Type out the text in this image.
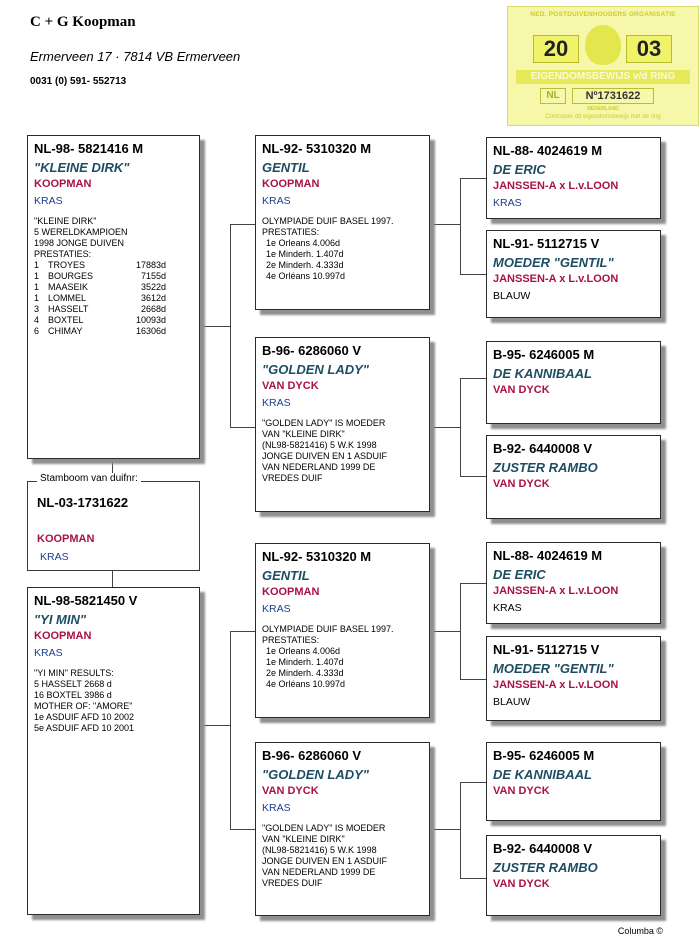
C + G Koopman
Ermerveen 17 · 7814 VB Ermerveen
0031 (0) 591- 552713
NED. POSTDUIVENHOUDERS ORGANISATIE
20	03
EIGENDOMSBEWIJS v/d RING
NL	Nº1731622
NEDERLAND
Controleer dit eigendomsbewijs met de ring
NL-98- 5821416 M
"KLEINE DIRK"
KOOPMAN
KRAS
"KLEINE DIRK"
5 WERELDKAMPIOEN
1998 JONGE DUIVEN
PRESTATIES:
1	TROYES	17883d
1	BOURGES	7155d
1	MAASEIK	3522d
1	LOMMEL	3612d
3	HASSELT	2668d
4	BOXTEL	10093d
6	CHIMAY	16306d
Stamboom van duifnr:
NL-03-1731622
KOOPMAN
KRAS
NL-98-5821450 V
"YI MIN"
KOOPMAN
KRAS
"YI MIN" RESULTS:
5 HASSELT 2668 d
16 BOXTEL 3986 d
MOTHER OF: "AMORE"
1e ASDUIF AFD 10 2002
5e ASDUIF AFD 10 2001
NL-92- 5310320 M
GENTIL
KOOPMAN
KRAS
OLYMPIADE DUIF BASEL 1997.
PRESTATIES:
1e Orleans 4.006d
1e Minderh. 1.407d
2e Minderh. 4.333d
4e Orléans 10.997d
B-96- 6286060 V
"GOLDEN LADY"
VAN DYCK
KRAS
"GOLDEN LADY" IS MOEDER
VAN "KLEINE DIRK"
(NL98-5821416) 5 W.K 1998
JONGE DUIVEN EN 1 ASDUIF
VAN NEDERLAND 1999 DE
VREDES DUIF
NL-92- 5310320 M
GENTIL
KOOPMAN
KRAS
OLYMPIADE DUIF BASEL 1997.
PRESTATIES:
1e Orleans 4.006d
1e Minderh. 1.407d
2e Minderh. 4.333d
4e Orléans 10.997d
B-96- 6286060 V
"GOLDEN LADY"
VAN DYCK
KRAS
"GOLDEN LADY" IS MOEDER
VAN "KLEINE DIRK"
(NL98-5821416) 5 W.K 1998
JONGE DUIVEN EN 1 ASDUIF
VAN NEDERLAND 1999 DE
VREDES DUIF
NL-88- 4024619 M
DE ERIC
JANSSEN-A x L.v.LOON
KRAS
NL-91- 5112715 V
MOEDER "GENTIL"
JANSSEN-A x L.v.LOON
BLAUW
B-95- 6246005 M
DE KANNIBAAL
VAN DYCK
B-92- 6440008 V
ZUSTER RAMBO
VAN DYCK
NL-88- 4024619 M
DE ERIC
JANSSEN-A x L.v.LOON
KRAS
NL-91- 5112715 V
MOEDER "GENTIL"
JANSSEN-A x L.v.LOON
BLAUW
B-95- 6246005 M
DE KANNIBAAL
VAN DYCK
B-92- 6440008 V
ZUSTER RAMBO
VAN DYCK
Columba ©
